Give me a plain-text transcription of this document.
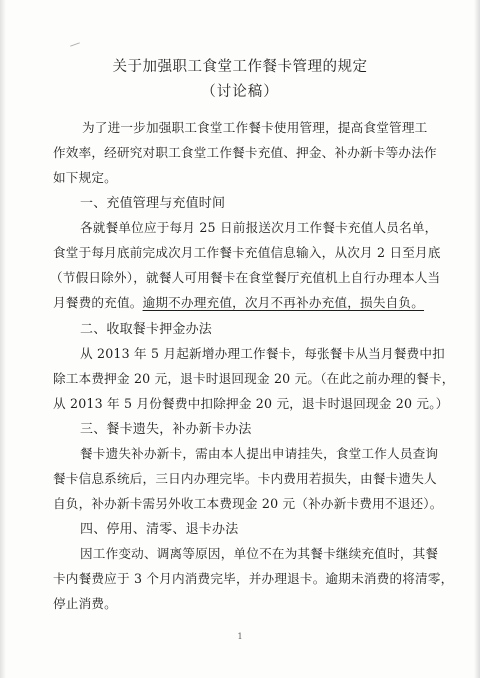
关于加强职工食堂工作餐卡管理的规定
（讨论稿）
为了进一步加强职工食堂工作餐卡使用管理，提高食堂管理工
作效率，经研究对职工食堂工作餐卡充值、押金、补办新卡等办法作
如下规定。
一、充值管理与充值时间
各就餐单位应于每月 25 日前报送次月工作餐卡充值人员名单，
食堂于每月底前完成次月工作餐卡充值信息输入，从次月 2 日至月底
（节假日除外），就餐人可用餐卡在食堂餐厅充值机上自行办理本人当
月餐费的充值。逾期不办理充值，次月不再补办充值，损失自负。
二、收取餐卡押金办法
从 2013 年 5 月起新增办理工作餐卡，每张餐卡从当月餐费中扣
除工本费押金 20 元，退卡时退回现金 20 元。（在此之前办理的餐卡，
从 2013 年 5 月份餐费中扣除押金 20 元，退卡时退回现金 20 元。）
三、餐卡遗失，补办新卡办法
餐卡遗失补办新卡，需由本人提出申请挂失，食堂工作人员查询
餐卡信息系统后，三日内办理完毕。卡内费用若损失，由餐卡遗失人
自负，补办新卡需另外收工本费现金 20 元（补办新卡费用不退还）。
四、停用、清零、退卡办法
因工作变动、调离等原因，单位不在为其餐卡继续充值时，其餐
卡内餐费应于 3 个月内消费完毕，并办理退卡。逾期未消费的将清零，
停止消费。
1
